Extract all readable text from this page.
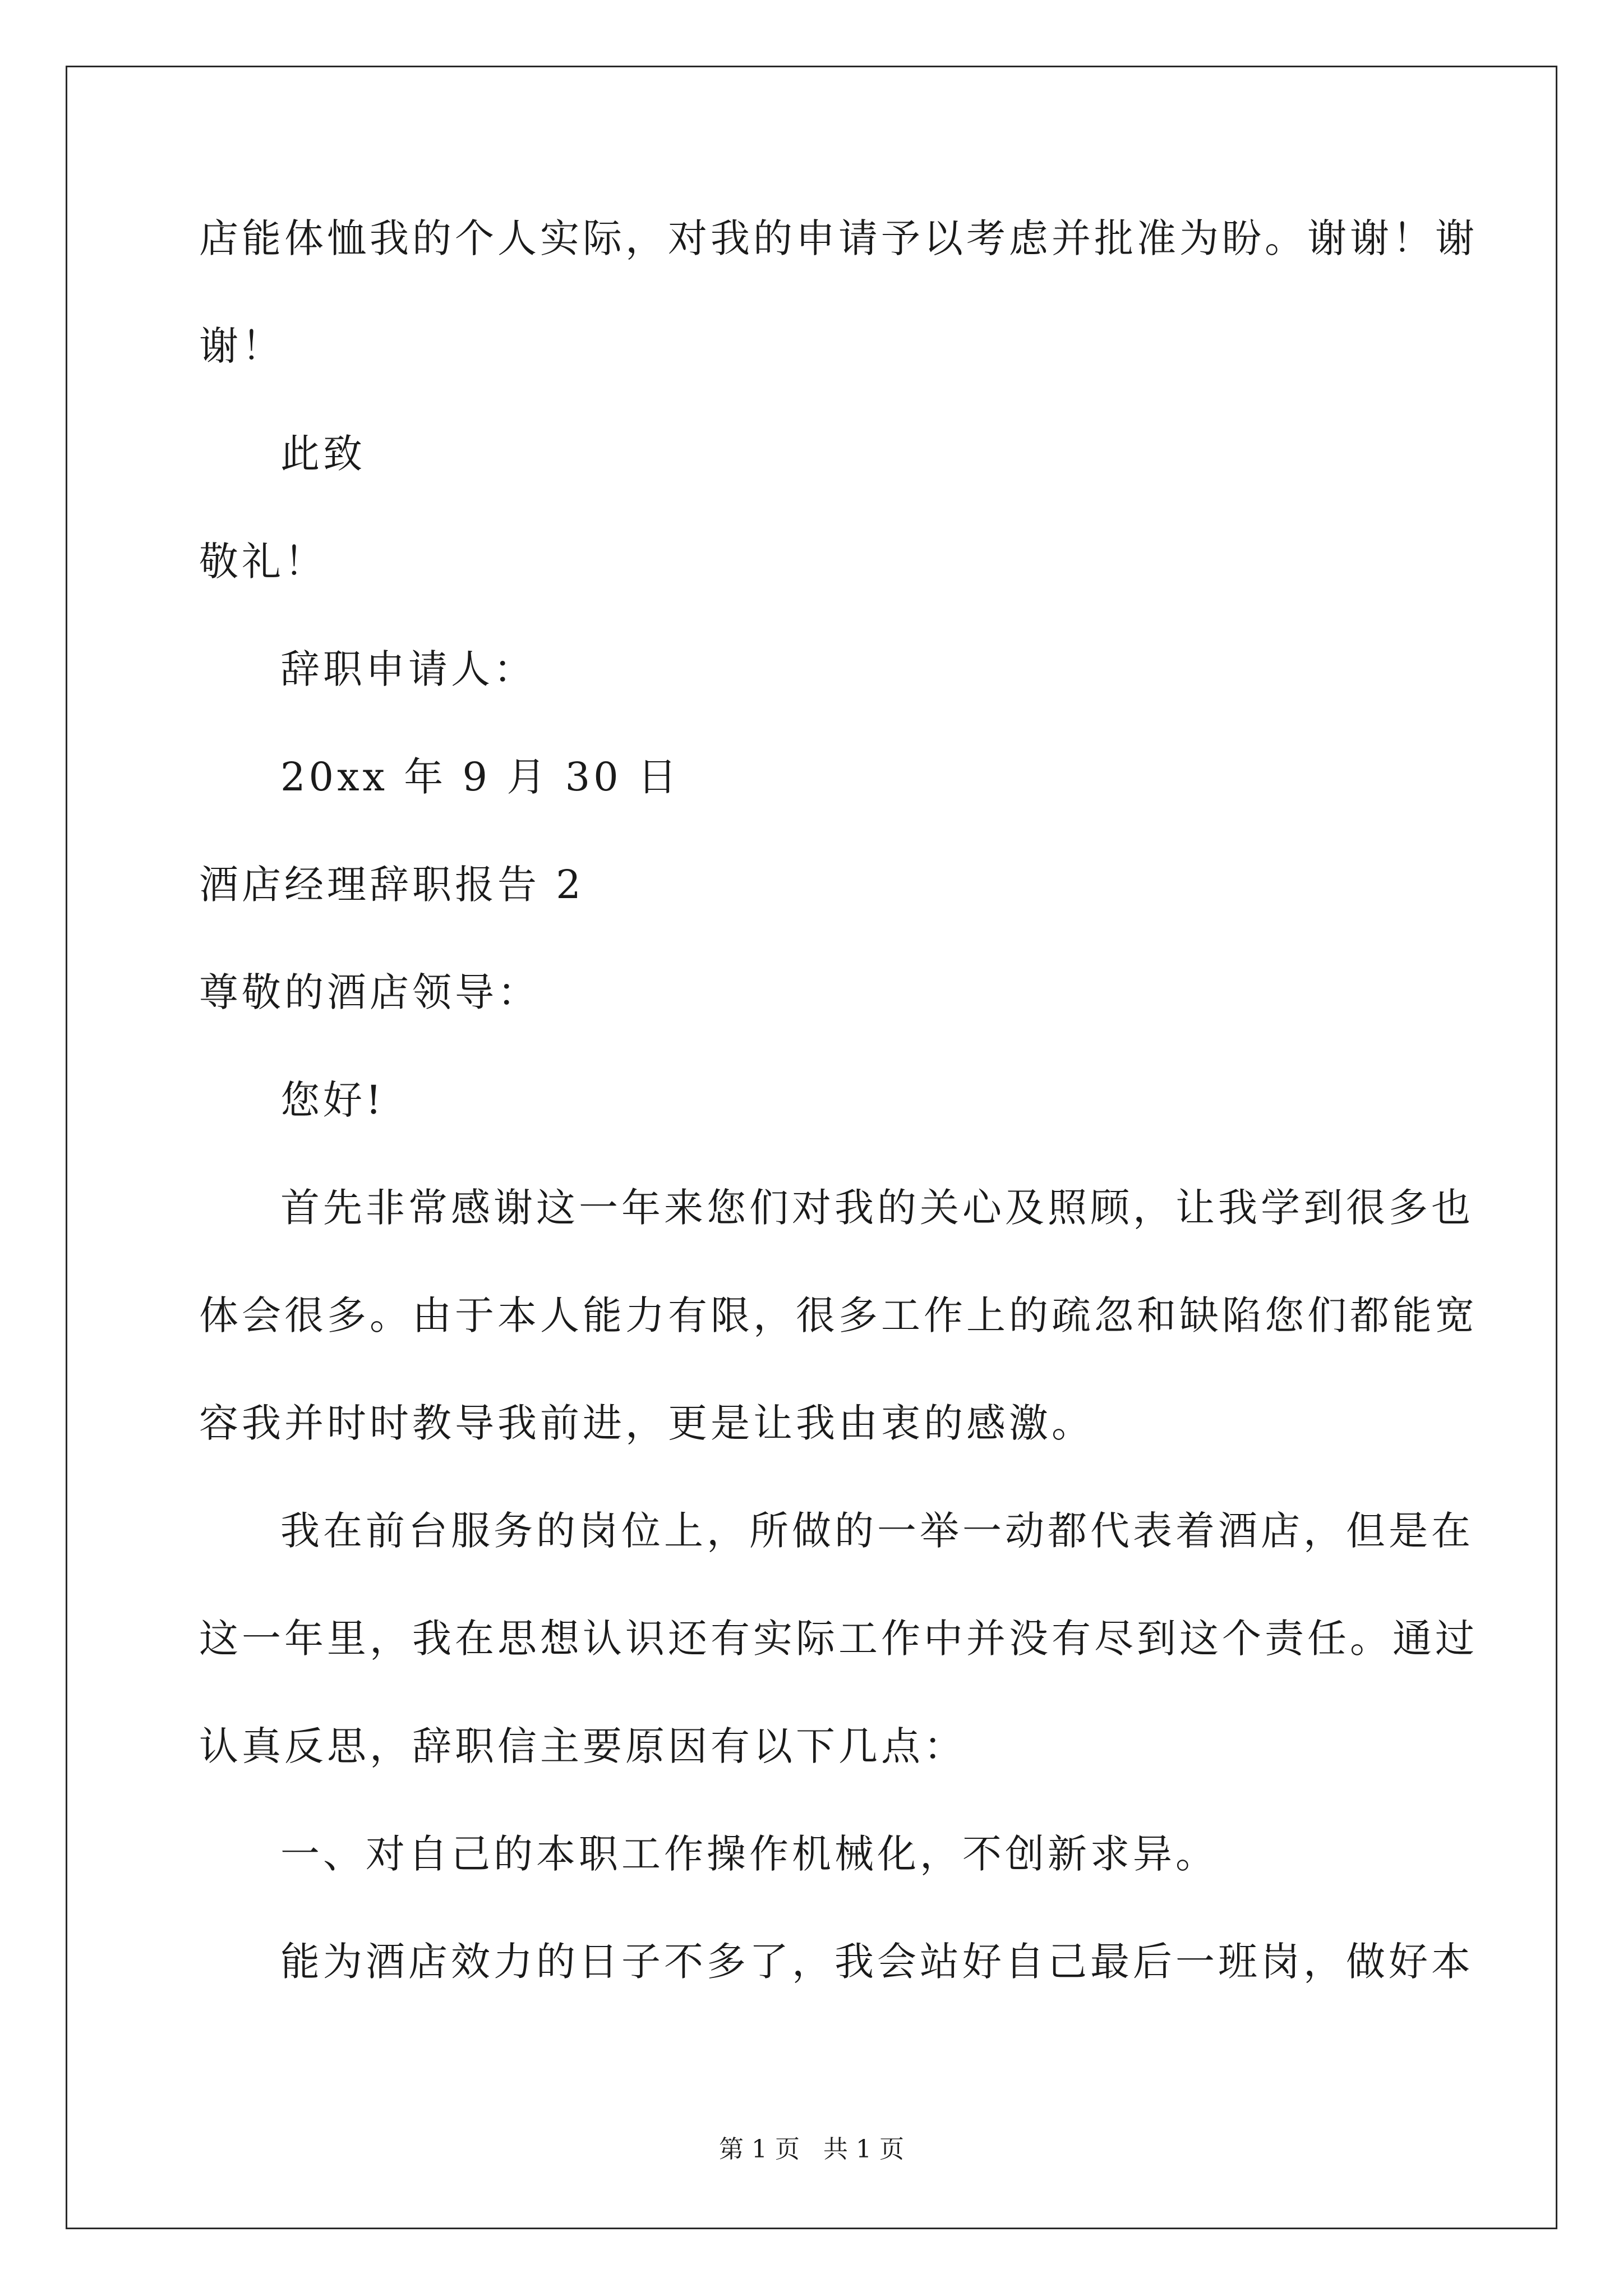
店能体恤我的个人实际，对我的申请予以考虑并批准为盼。谢谢！谢
谢！
此致
敬礼！
辞职申请人：
20xx 年 9 月 30 日
酒店经理辞职报告 2
尊敬的酒店领导：
您好!
首先非常感谢这一年来您们对我的关心及照顾，让我学到很多也
体会很多。由于本人能力有限，很多工作上的疏忽和缺陷您们都能宽
容我并时时教导我前进，更是让我由衷的感激。
我在前台服务的岗位上，所做的一举一动都代表着酒店，但是在
这一年里，我在思想认识还有实际工作中并没有尽到这个责任。通过
认真反思，辞职信主要原因有以下几点：
一、对自己的本职工作操作机械化，不创新求异。
能为酒店效力的日子不多了，我会站好自己最后一班岗，做好本
第 1 页   共 1 页
